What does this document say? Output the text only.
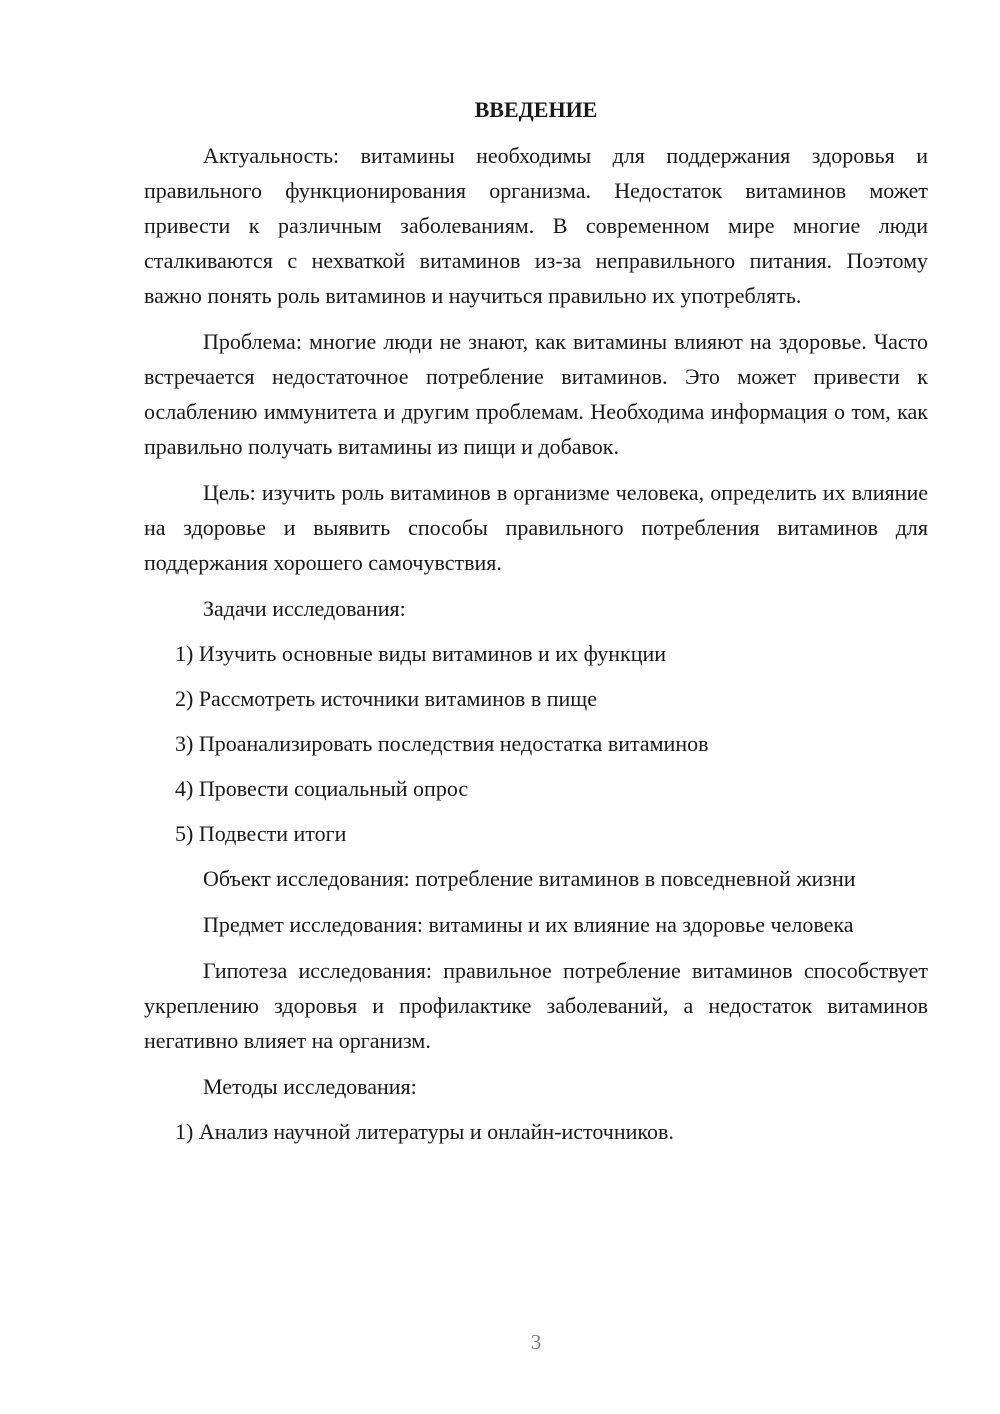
ВВЕДЕНИЕ

Актуальность: витамины необходимы для поддержания здоровья и правильного функционирования организма. Недостаток витаминов может привести к различным заболеваниям. В современном мире многие люди сталкиваются с нехваткой витаминов из-за неправильного питания. Поэтому важно понять роль витаминов и научиться правильно их употреблять.

Проблема: многие люди не знают, как витамины влияют на здоровье. Часто встречается недостаточное потребление витаминов. Это может привести к ослаблению иммунитета и другим проблемам. Необходима информация о том, как правильно получать витамины из пищи и добавок.

Цель: изучить роль витаминов в организме человека, определить их влияние на здоровье и выявить способы правильного потребления витаминов для поддержания хорошего самочувствия.

Задачи исследования:

1) Изучить основные виды витаминов и их функции

2) Рассмотреть источники витаминов в пище

3) Проанализировать последствия недостатка витаминов

4) Провести социальный опрос

5) Подвести итоги

Объект исследования: потребление витаминов в повседневной жизни

Предмет исследования: витамины и их влияние на здоровье человека

Гипотеза исследования: правильное потребление витаминов способствует укреплению здоровья и профилактике заболеваний, а недостаток витаминов негативно влияет на организм.

Методы исследования:

1) Анализ научной литературы и онлайн-источников.

3
